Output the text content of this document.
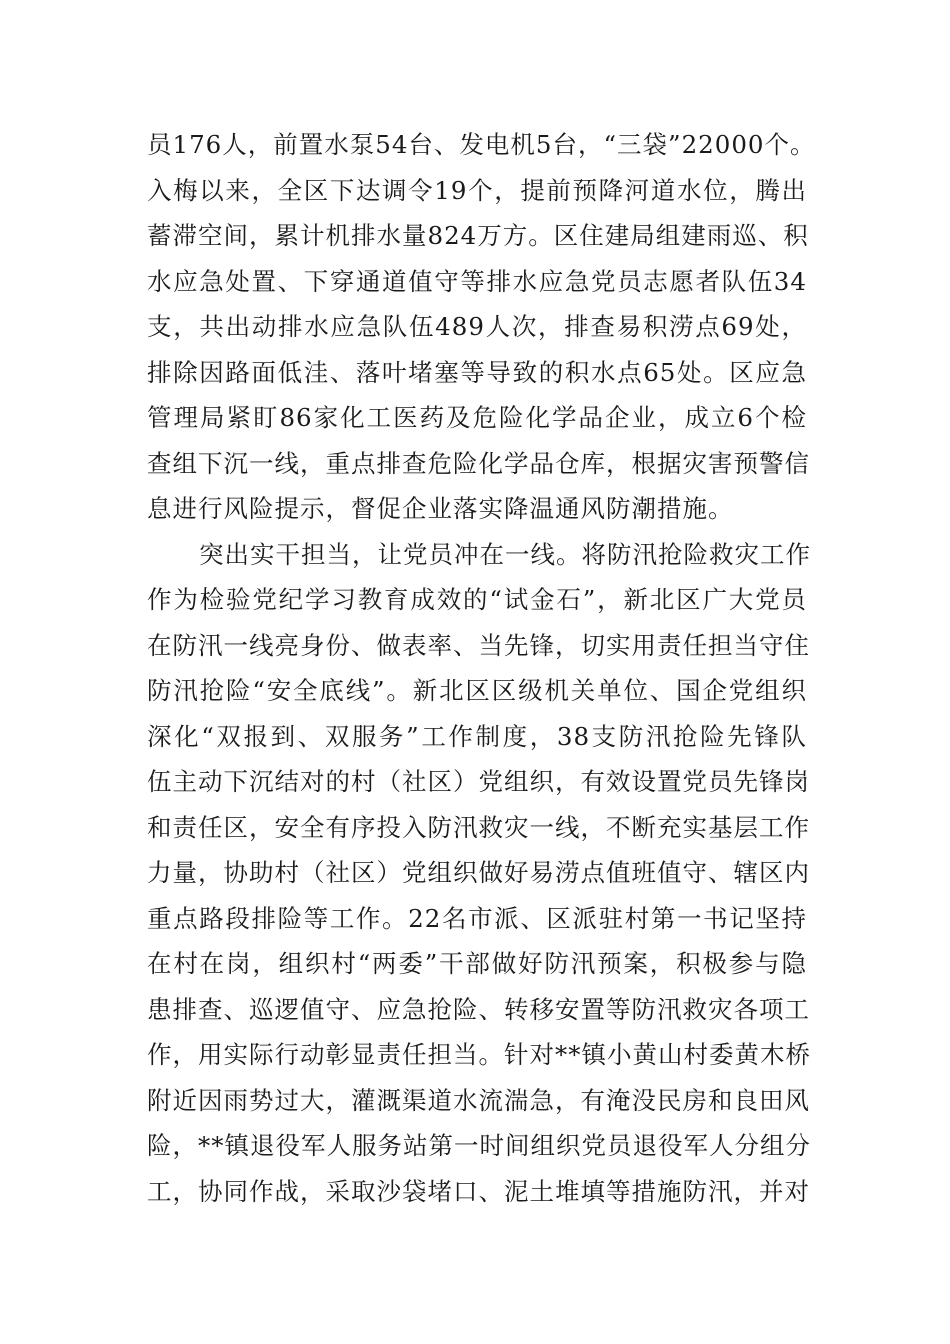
员176人，前置水泵54台、发电机5台，“三袋”22000个。
入梅以来，全区下达调令19个，提前预降河道水位，腾出
蓄滞空间，累计机排水量824万方。区住建局组建雨巡、积
水应急处置、下穿通道值守等排水应急党员志愿者队伍34
支，共出动排水应急队伍489人次，排查易积涝点69处，
排除因路面低洼、落叶堵塞等导致的积水点65处。区应急
管理局紧盯86家化工医药及危险化学品企业，成立6个检
查组下沉一线，重点排查危险化学品仓库，根据灾害预警信
息进行风险提示，督促企业落实降温通风防潮措施。
突出实干担当，让党员冲在一线。将防汛抢险救灾工作
作为检验党纪学习教育成效的“试金石”，新北区广大党员
在防汛一线亮身份、做表率、当先锋，切实用责任担当守住
防汛抢险“安全底线”。新北区区级机关单位、国企党组织
深化“双报到、双服务”工作制度，38支防汛抢险先锋队
伍主动下沉结对的村（社区）党组织，有效设置党员先锋岗
和责任区，安全有序投入防汛救灾一线，不断充实基层工作
力量，协助村（社区）党组织做好易涝点值班值守、辖区内
重点路段排险等工作。22名市派、区派驻村第一书记坚持
在村在岗，组织村“两委”干部做好防汛预案，积极参与隐
患排查、巡逻值守、应急抢险、转移安置等防汛救灾各项工
作，用实际行动彰显责任担当。针对**镇小黄山村委黄木桥
附近因雨势过大，灌溉渠道水流湍急，有淹没民房和良田风
险，**镇退役军人服务站第一时间组织党员退役军人分组分
工，协同作战，采取沙袋堵口、泥土堆填等措施防汛，并对
